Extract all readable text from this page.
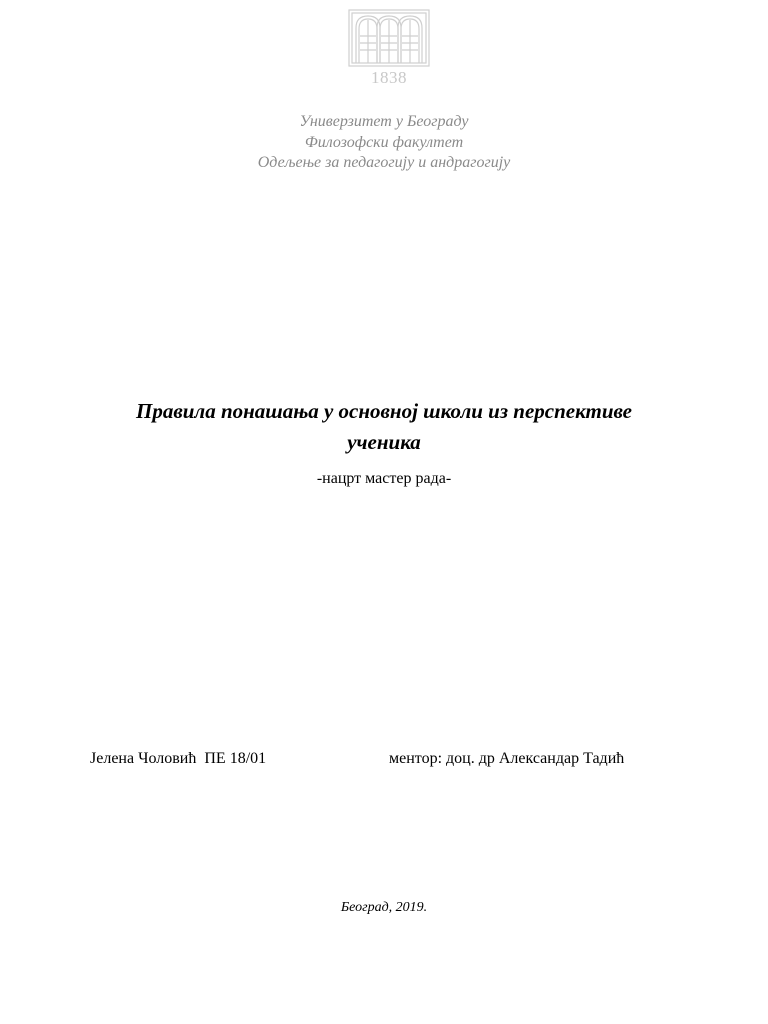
1838
Универзитет у Београду
Филозофски факултет
Одељење за педагогију и андрагогију
Правила понашања у основној школи из перспективе ученика
-нацрт мастер рада-
Јелена Чоловић  ПЕ 18/01	ментор: доц. др Александар Тадић
Београд, 2019.
